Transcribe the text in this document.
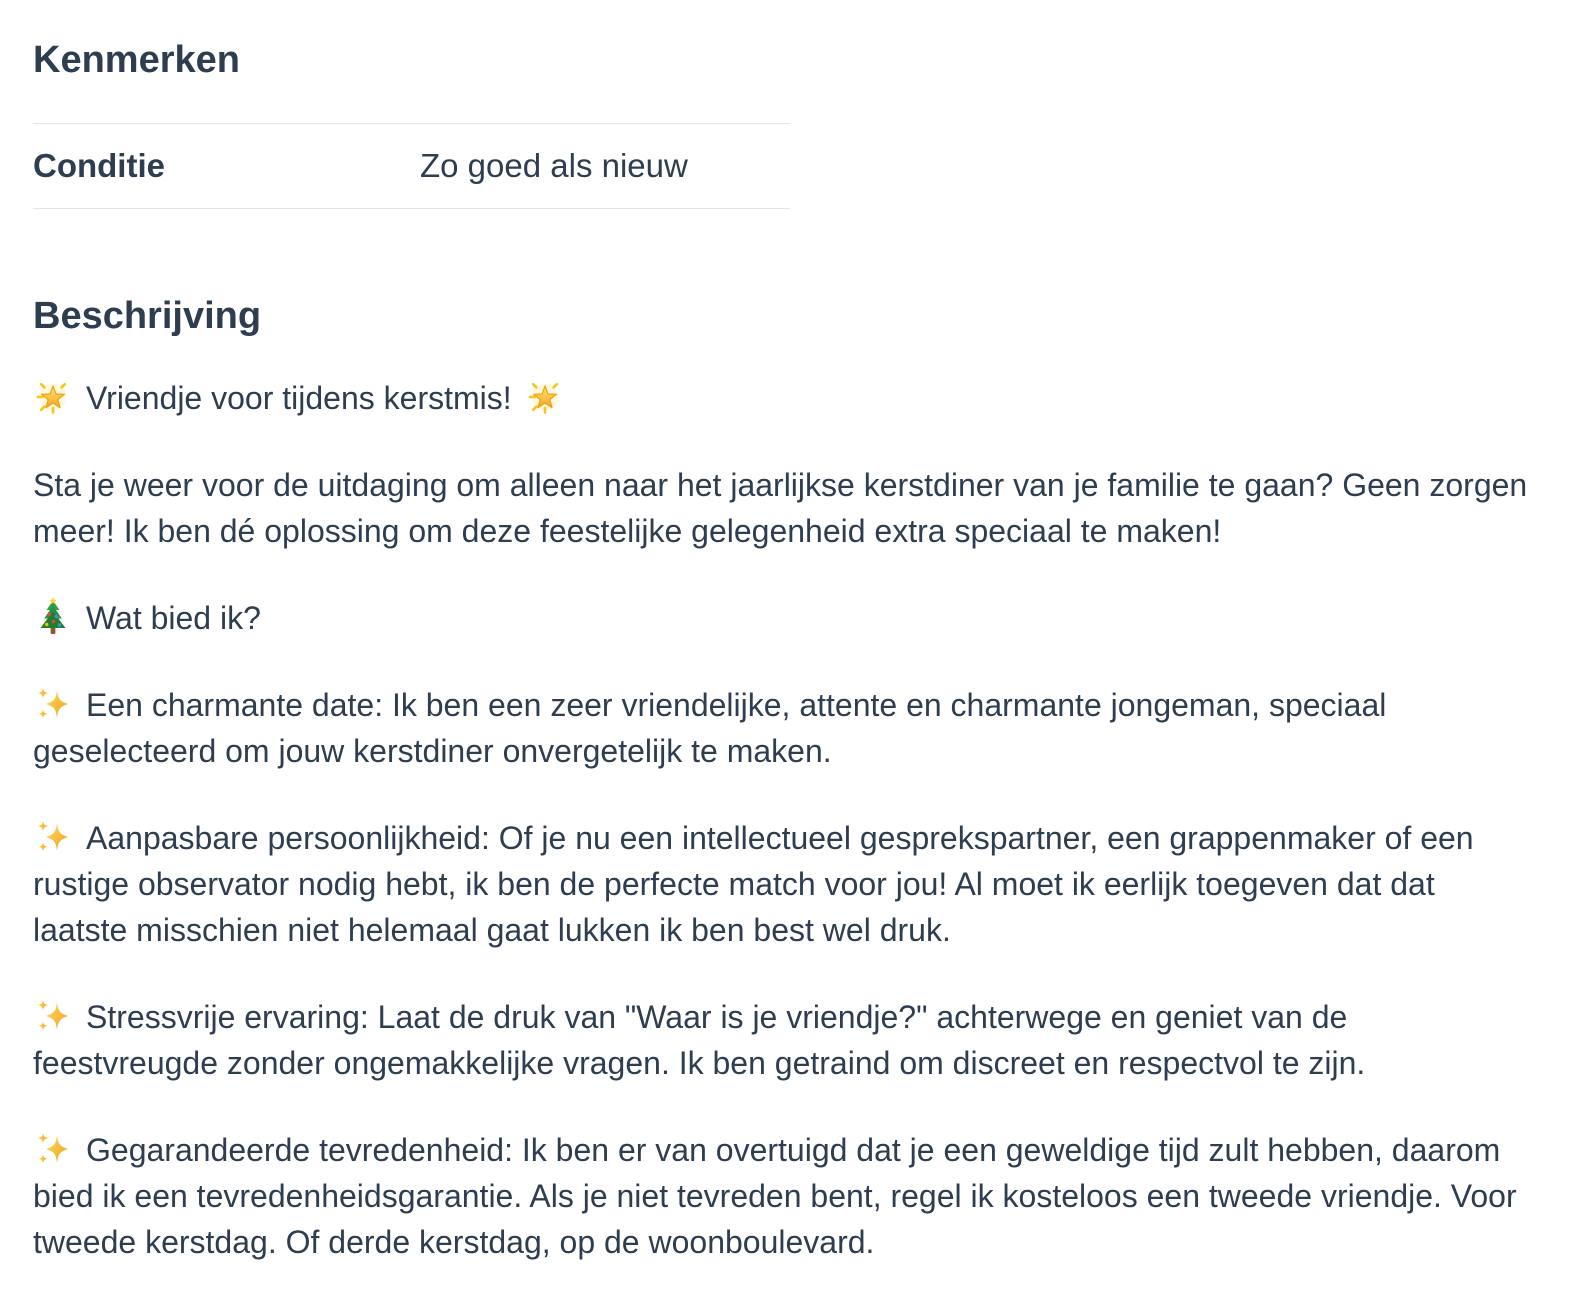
Kenmerken
Conditie	Zo goed als nieuw
Beschrijving

Vriendje voor tijdens kerstmis!

Sta je weer voor de uitdaging om alleen naar het jaarlijkse kerstdiner van je familie te gaan? Geen zorgen meer! Ik ben dé oplossing om deze feestelijke gelegenheid extra speciaal te maken!

Wat bied ik?

Een charmante date: Ik ben een zeer vriendelijke, attente en charmante jongeman, speciaal geselecteerd om jouw kerstdiner onvergetelijk te maken.

Aanpasbare persoonlijkheid: Of je nu een intellectueel gesprekspartner, een grappenmaker of een rustige observator nodig hebt, ik ben de perfecte match voor jou! Al moet ik eerlijk toegeven dat dat laatste misschien niet helemaal gaat lukken ik ben best wel druk.

Stressvrije ervaring: Laat de druk van "Waar is je vriendje?" achterwege en geniet van de feestvreugde zonder ongemakkelijke vragen. Ik ben getraind om discreet en respectvol te zijn.

Gegarandeerde tevredenheid: Ik ben er van overtuigd dat je een geweldige tijd zult hebben, daarom bied ik een tevredenheidsgarantie. Als je niet tevreden bent, regel ik kosteloos een tweede vriendje. Voor tweede kerstdag. Of derde kerstdag, op de woonboulevard.
